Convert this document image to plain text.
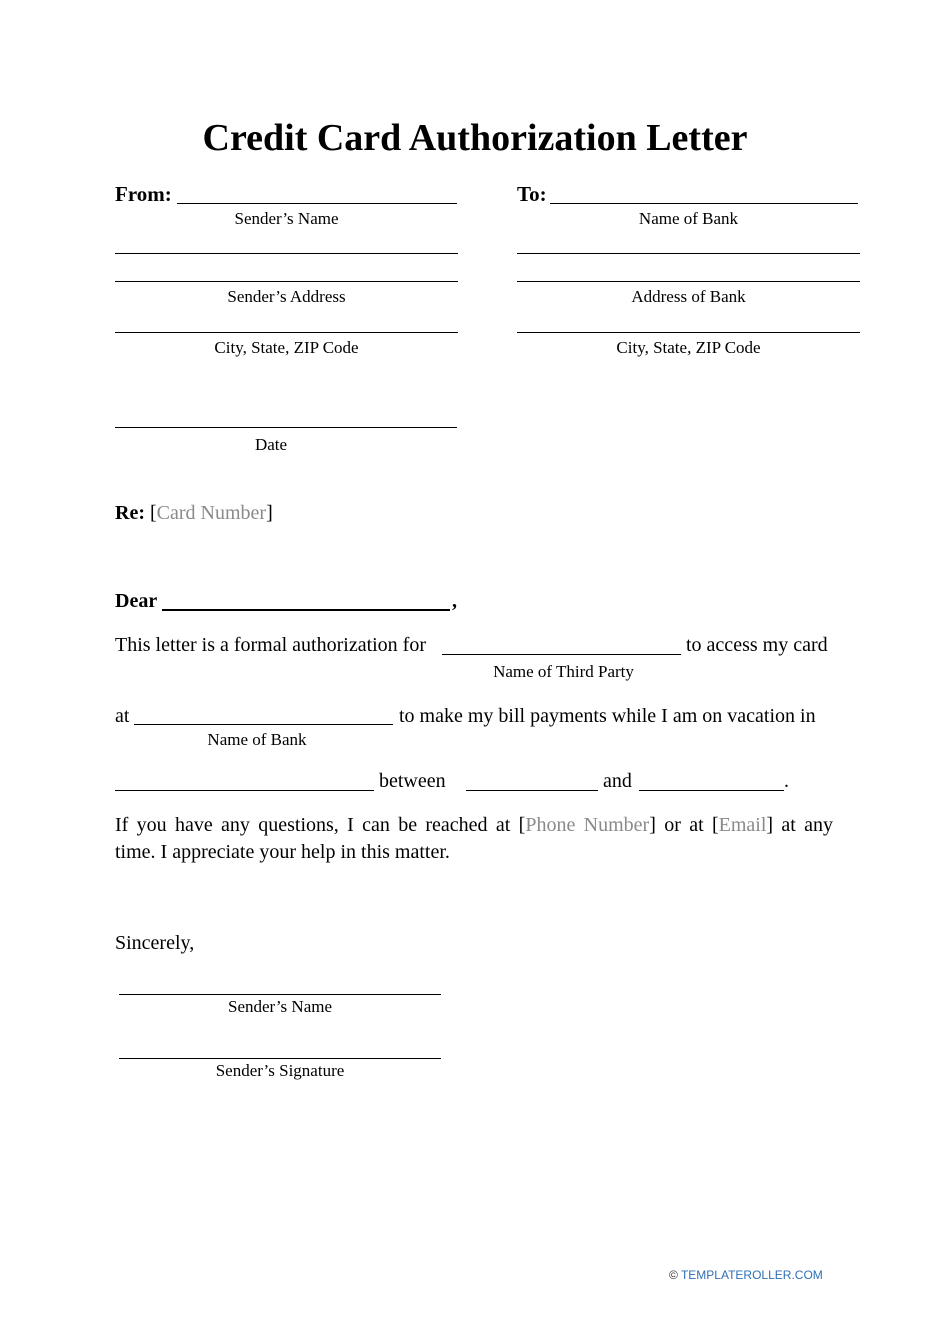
Credit Card Authorization Letter
From:
Sender’s Name
Sender’s Address
City, State, ZIP Code
Date
To:
Name of Bank
Address of Bank
City, State, ZIP Code
Re: [Card Number]
Dear	,
This letter is a formal authorization for	to access my card
Name of Third Party
at	to make my bill payments while I am on vacation in
Name of Bank
between	and	.
If you have any questions, I can be reached at [Phone Number] or at [Email] at any
time. I appreciate your help in this matter.
Sincerely,
Sender’s Name
Sender’s Signature
© TEMPLATEROLLER.COM
